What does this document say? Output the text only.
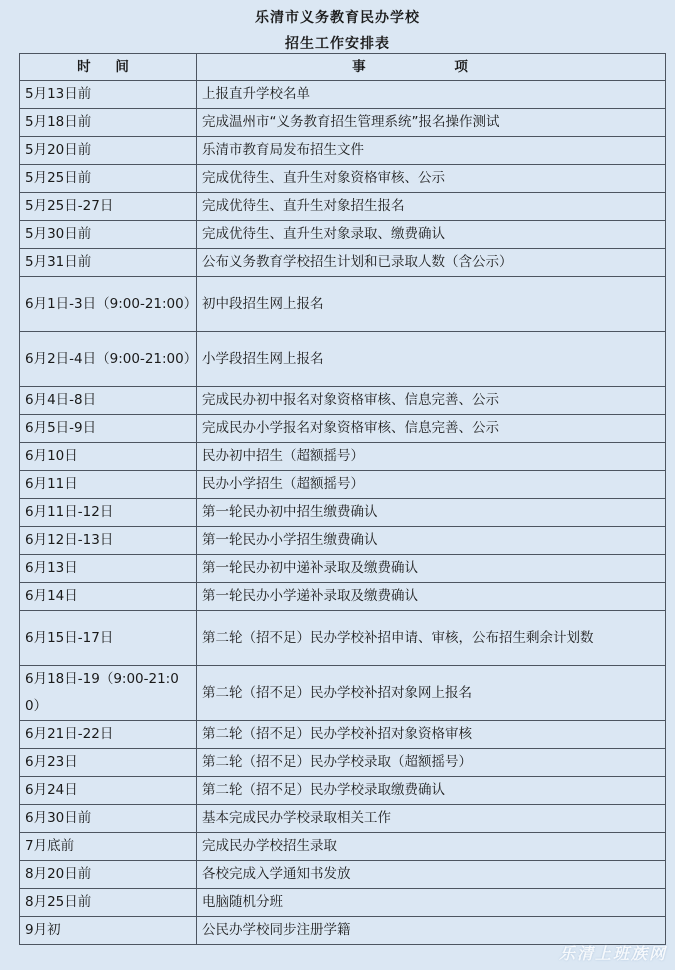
乐清市义务教育民办学校
招生工作安排表
时 间	事 项
5月13日前	上报直升学校名单
5月18日前	完成温州市“义务教育招生管理系统”报名操作测试
5月20日前	乐清市教育局发布招生文件
5月25日前	完成优待生、直升生对象资格审核、公示
5月25日-27日	完成优待生、直升生对象招生报名
5月30日前	完成优待生、直升生对象录取、缴费确认
5月31日前	公布义务教育学校招生计划和已录取人数（含公示）
6月1日-3日（9:00-21:00）	初中段招生网上报名
6月2日-4日（9:00-21:00）	小学段招生网上报名
6月4日-8日	完成民办初中报名对象资格审核、信息完善、公示
6月5日-9日	完成民办小学报名对象资格审核、信息完善、公示
6月10日	民办初中招生（超额摇号）
6月11日	民办小学招生（超额摇号）
6月11日-12日	第一轮民办初中招生缴费确认
6月12日-13日	第一轮民办小学招生缴费确认
6月13日	第一轮民办初中递补录取及缴费确认
6月14日	第一轮民办小学递补录取及缴费确认
6月15日-17日	第二轮（招不足）民办学校补招申请、审核，公布招生剩余计划数
6月18日-19（9:00-21:00）	第二轮（招不足）民办学校补招对象网上报名
6月21日-22日	第二轮（招不足）民办学校补招对象资格审核
6月23日	第二轮（招不足）民办学校录取（超额摇号）
6月24日	第二轮（招不足）民办学校录取缴费确认
6月30日前	基本完成民办学校录取相关工作
7月底前	完成民办学校招生录取
8月20日前	各校完成入学通知书发放
8月25日前	电脑随机分班
9月初	公民办学校同步注册学籍
乐清上班族网
